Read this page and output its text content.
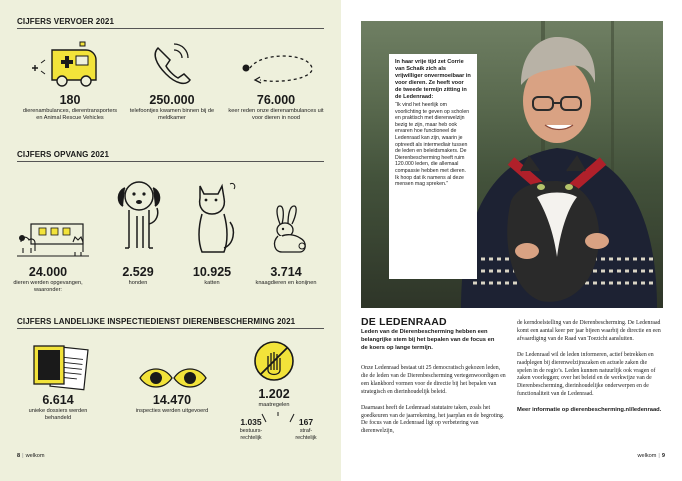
CIJFERS VERVOER 2021
180
dierenambulances, dierentransporters en Animal Rescue Vehicles
250.000
telefoontjes kwamen binnen bij de meldkamer
76.000
keer reden onze dierenambulances uit voor dieren in nood
CIJFERS OPVANG 2021
24.000
dieren werden opgevangen, waaronder:
2.529
honden
10.925
katten
3.714
knaagdieren en konijnen
CIJFERS LANDELIJKE INSPECTIEDIENST DIERENBESCHERMING 2021
6.614
unieke dossiers werden behandeld
14.470
inspecties werden uitgevoerd
1.202
maatregelen
1.035
bestuurs-rechtelijk
167
straf-rechtelijk
8 | welkom
In haar vrije tijd zet Corrie van Schaik zich als vrijwilliger onvermoeibaar in voor dieren. Ze heeft voor de tweede termijn zitting in de Ledenraad:
“Ik vind het heerlijk om voorlichting te geven op scholen en praktisch met dierenwelzijn bezig te zijn, maar heb ook ervaren hoe functioneel de Ledenraad kan zijn, waarin je optreedt als intermediair tussen de leden en beleidsmakers. De Dierenbescherming heeft ruim 120.000 leden, die allemaal compassie hebben met dieren. Ik hoop dat ik namens al deze mensen mag spreken.”
DE LEDENRAAD
Leden van de Dierenbescherming hebben een belangrijke stem bij het bepalen van de focus en de koers op lange termijn.

Onze Ledenraad bestaat uit 25 democratisch gekozen leden, die de leden van de Dierenbescherming vertegenwoordigen en een klankbord vormen voor de directie bij het bepalen van strategisch en dierinhoudelijk beleid.

Daarnaast heeft de Ledenraad statutaire taken, zoals het goedkeuren van de jaarrekening, het jaarplan en de begroting. De focus van de Ledenraad ligt op verbetering van dierenwelzijn,

de kerndoelstelling van de Dierenbescherming. De Ledenraad komt een aantal keer per jaar bijeen waarbij de directie en een afvaardiging van de Raad van Toezicht aansluiten.

De Ledenraad wil de leden informeren, actief betrekken en raadplegen bij dierenwelzijnszaken en actuele zaken die spelen in de regio’s. Leden kunnen natuurlijk ook vragen of zaken voorleggen; over het beleid en de werkwijze van de Dierenbescherming, dierinhoudelijke onderwerpen en de functionaliteit van de Ledenraad.

Meer informatie op dierenbescherming.nl/ledenraad.
welkom | 9
